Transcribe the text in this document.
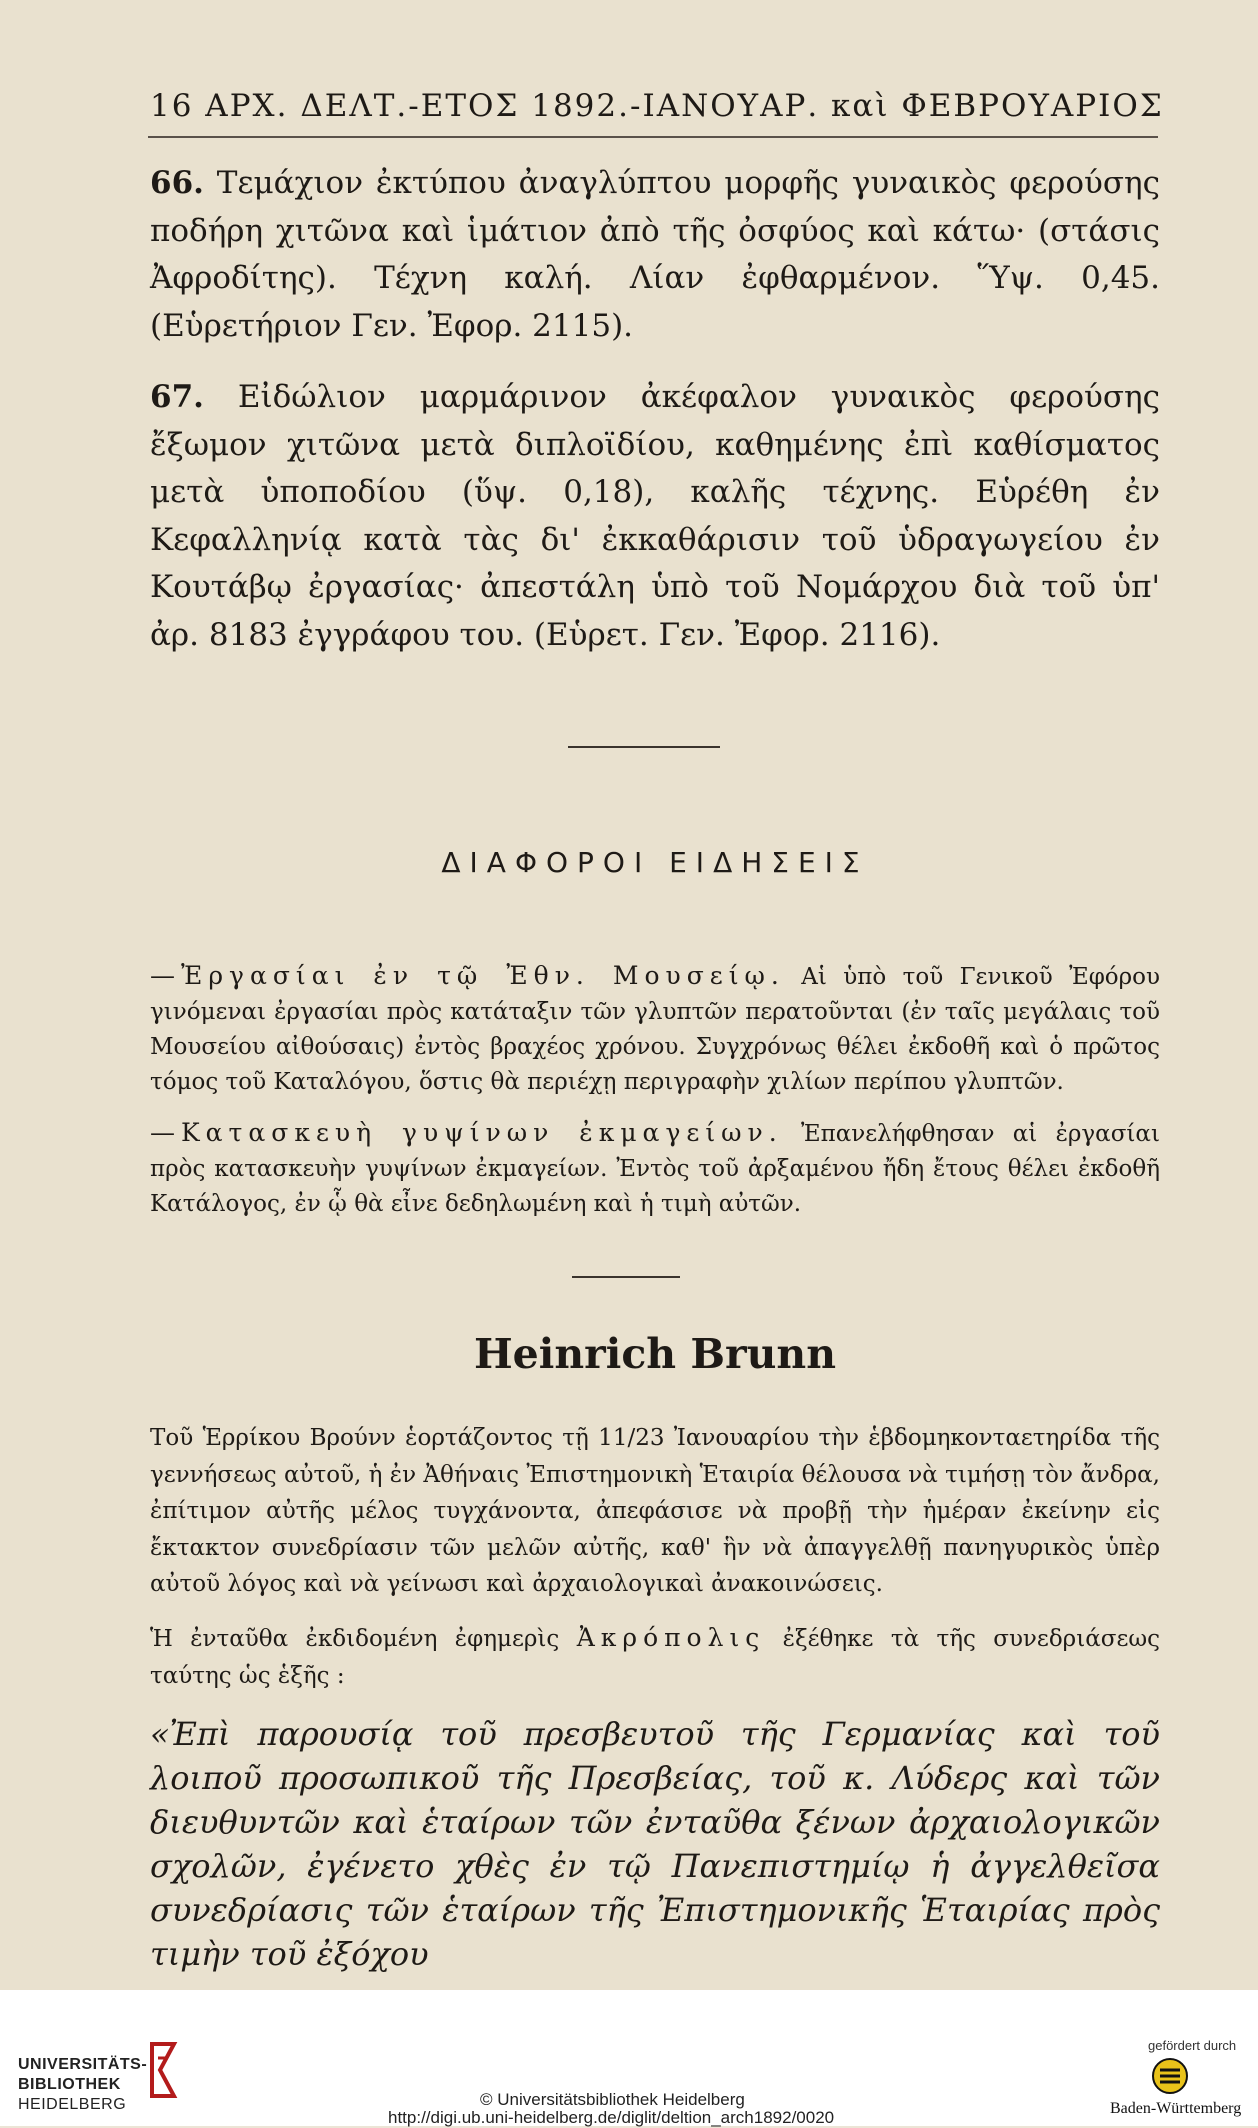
16 ΑΡΧ. ΔΕΛΤ.-ΕΤΟΣ 1892.-ΙΑΝΟΥΑΡ. καὶ ΦΕΒΡΟΥΑΡΙΟΣ

66. Τεμάχιον ἐκτύπου ἀναγλύπτου μορφῆς γυναικὸς φερούσης ποδήρη χιτῶνα καὶ ἱμάτιον ἀπὸ τῆς ὀσφύος καὶ κάτω· (στάσις Ἀφροδίτης). Τέχνη καλή. Λίαν ἐφθαρμένον. Ὕψ. 0,45. (Εὑρετήριον Γεν. Ἐφορ. 2115).

67. Εἰδώλιον μαρμάρινον ἀκέφαλον γυναικὸς φερούσης ἔξωμον χιτῶνα μετὰ διπλοϊδίου, καθημένης ἐπὶ καθίσματος μετὰ ὑποποδίου (ὕψ. 0,18), καλῆς τέχνης. Εὑρέθη ἐν Κεφαλληνίᾳ κατὰ τὰς δι' ἐκκαθάρισιν τοῦ ὑδραγωγείου ἐν Κουτάβῳ ἐργασίας· ἀπεστάλη ὑπὸ τοῦ Νομάρχου διὰ τοῦ ὑπ' ἀρ. 8183 ἐγγράφου του. (Εὑρετ. Γεν. Ἐφορ. 2116).

ΔΙΑΦΟΡΟΙ ΕΙΔΗΣΕΙΣ

—Ἐργασίαι ἐν τῷ Ἐθν. Μουσείῳ. Αἱ ὑπὸ τοῦ Γενικοῦ Ἐφόρου γινόμεναι ἐργασίαι πρὸς κατάταξιν τῶν γλυπτῶν περατοῦνται (ἐν ταῖς μεγάλαις τοῦ Μουσείου αἰθούσαις) ἐντὸς βραχέος χρόνου. Συγχρόνως θέλει ἐκδοθῆ καὶ ὁ πρῶτος τόμος τοῦ Καταλόγου, ὅστις θὰ περιέχῃ περιγραφὴν χιλίων περίπου γλυπτῶν.

—Κατασκευὴ γυψίνων ἐκμαγείων. Ἐπανελήφθησαν αἱ ἐργασίαι πρὸς κατασκευὴν γυψίνων ἐκμαγείων. Ἐντὸς τοῦ ἀρξαμένου ἤδη ἔτους θέλει ἐκδοθῆ Κατάλογος, ἐν ᾧ θὰ εἶνε δεδηλωμένη καὶ ἡ τιμὴ αὐτῶν.

Heinrich Brunn

Τοῦ Ἑρρίκου Βρούνν ἑορτάζοντος τῇ 11/23 Ἰανουαρίου τὴν ἑβδομηκονταετηρίδα τῆς γεννήσεως αὐτοῦ, ἡ ἐν Ἀθήναις Ἐπιστημονικὴ Ἑταιρία θέλουσα νὰ τιμήσῃ τὸν ἄνδρα, ἐπίτιμον αὐτῆς μέλος τυγχάνοντα, ἀπεφάσισε νὰ προβῇ τὴν ἡμέραν ἐκείνην εἰς ἔκτακτον συνεδρίασιν τῶν μελῶν αὐτῆς, καθ' ἣν νὰ ἀπαγγελθῇ πανηγυρικὸς ὑπὲρ αὐτοῦ λόγος καὶ νὰ γείνωσι καὶ ἀρχαιολογικαὶ ἀνακοινώσεις.

Ἡ ἐνταῦθα ἐκδιδομένη ἐφημερὶς Ἀκρόπολις ἐξέθηκε τὰ τῆς συνεδριάσεως ταύτης ὡς ἑξῆς :

«Ἐπὶ παρουσίᾳ τοῦ πρεσβευτοῦ τῆς Γερμανίας καὶ τοῦ λοιποῦ προσωπικοῦ τῆς Πρεσβείας, τοῦ κ. Λύδερς καὶ τῶν διευθυντῶν καὶ ἑταίρων τῶν ἐνταῦθα ξένων ἀρχαιολογικῶν σχολῶν, ἐγένετο χθὲς ἐν τῷ Πανεπιστημίῳ ἡ ἀγγελθεῖσα συνεδρίασις τῶν ἑταίρων τῆς Ἐπιστημονικῆς Ἑταιρίας πρὸς τιμὴν τοῦ ἐξόχου

UNIVERSITÄTS-
BIBLIOTHEK
HEIDELBERG	© Universitätsbibliothek Heidelberg
http://digi.ub.uni-heidelberg.de/diglit/deltion_arch1892/0020
gefördert durch
Baden-Württemberg
